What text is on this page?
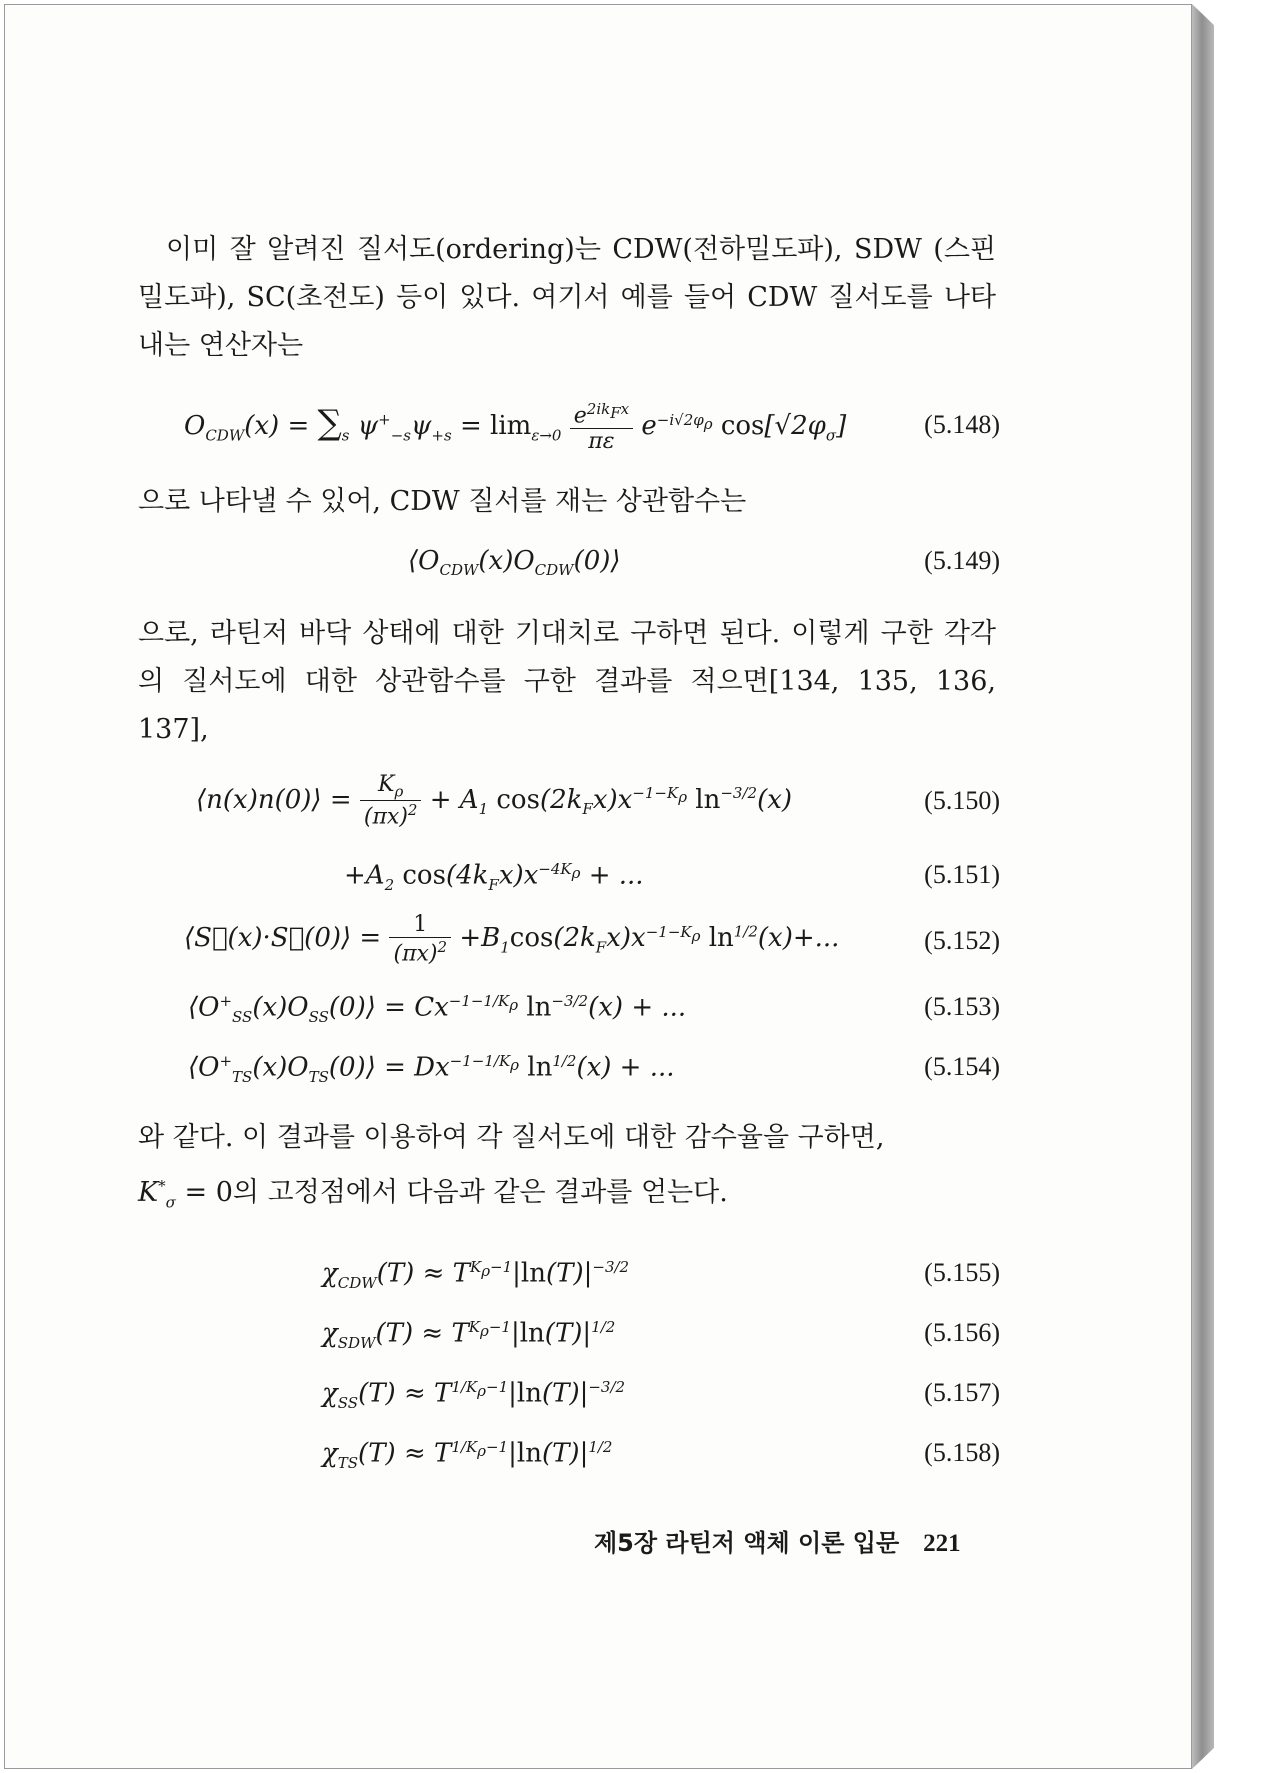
이미 잘 알려진 질서도(ordering)는 CDW(전하밀도파), SDW (스핀밀도파), SC(초전도) 등이 있다. 여기서 예를 들어 CDW 질서도를 나타내는 연산자는

$O_{CDW}(x) = \sum_s$ $\psi^+_{-s}\psi_{+s} = \lim_{\varepsilon\to 0} \frac{e^{2ik_Fx}}{\pi\varepsilon} e^{-i√2\varphi_\rho}$ $\cos[√2\varphi_\sigma]$	(5.148)

으로 나타낼 수 있어, CDW 질서를 재는 상관함수는

$⟨O_{CDW}(x)O_{CDW}(0)⟩$	(5.149)

으로, 라틴저 바닥 상태에 대한 기대치로 구하면 된다. 이렇게 구한 각각의 질서도에 대한 상관함수를 구한 결과를 적으면[134, 135, 136, 137],

⟨n(x)n(0)⟩ = $\frac{K_\rho}{(\pi x)^2} + A_1$ $\cos(2k_Fx)x^{-1-K_\rho}$ $\ln^{-3/2}(x)$	(5.150)
$+A_2$ $\cos(4k_Fx)x^{-4K_\rho}$ + ...	(5.151)
⟨S⃗(x)·S⃗(0)⟩ = $\frac{1}{(\pi x)^2} +B_1\cos(2k_Fx)x^{-1-K_\rho}$ $\ln^{1/2}(x)+$...	(5.152)
$⟨O^+_{SS}(x)O_{SS}(0)⟩ = Cx^{-1-1/K_\rho}$ $\ln^{-3/2}(x)$ + ...	(5.153)
$⟨O^+_{TS}(x)O_{TS}(0)⟩ = Dx^{-1-1/K_\rho}$ $\ln^{1/2}(x)$ + ...	(5.154)

와 같다. 이 결과를 이용하여 각 질서도에 대한 감수율을 구하면,

$K^*_\sigma = 0$의 고정점에서 다음과 같은 결과를 얻는다.

$\chi_{CDW}(T) \approx T^{K_\rho-1}|\ln(T)|^{-3/2}$	(5.155)
$\chi_{SDW}(T) \approx T^{K_\rho-1}|\ln(T)|^{1/2}$	(5.156)
$\chi_{SS}(T) \approx T^{1/K_\rho-1}|\ln(T)|^{-3/2}$	(5.157)
$\chi_{TS}(T) \approx T^{1/K_\rho-1}|\ln(T)|^{1/2}$	(5.158)
제5장 라틴저 액체 이론 입문 221
